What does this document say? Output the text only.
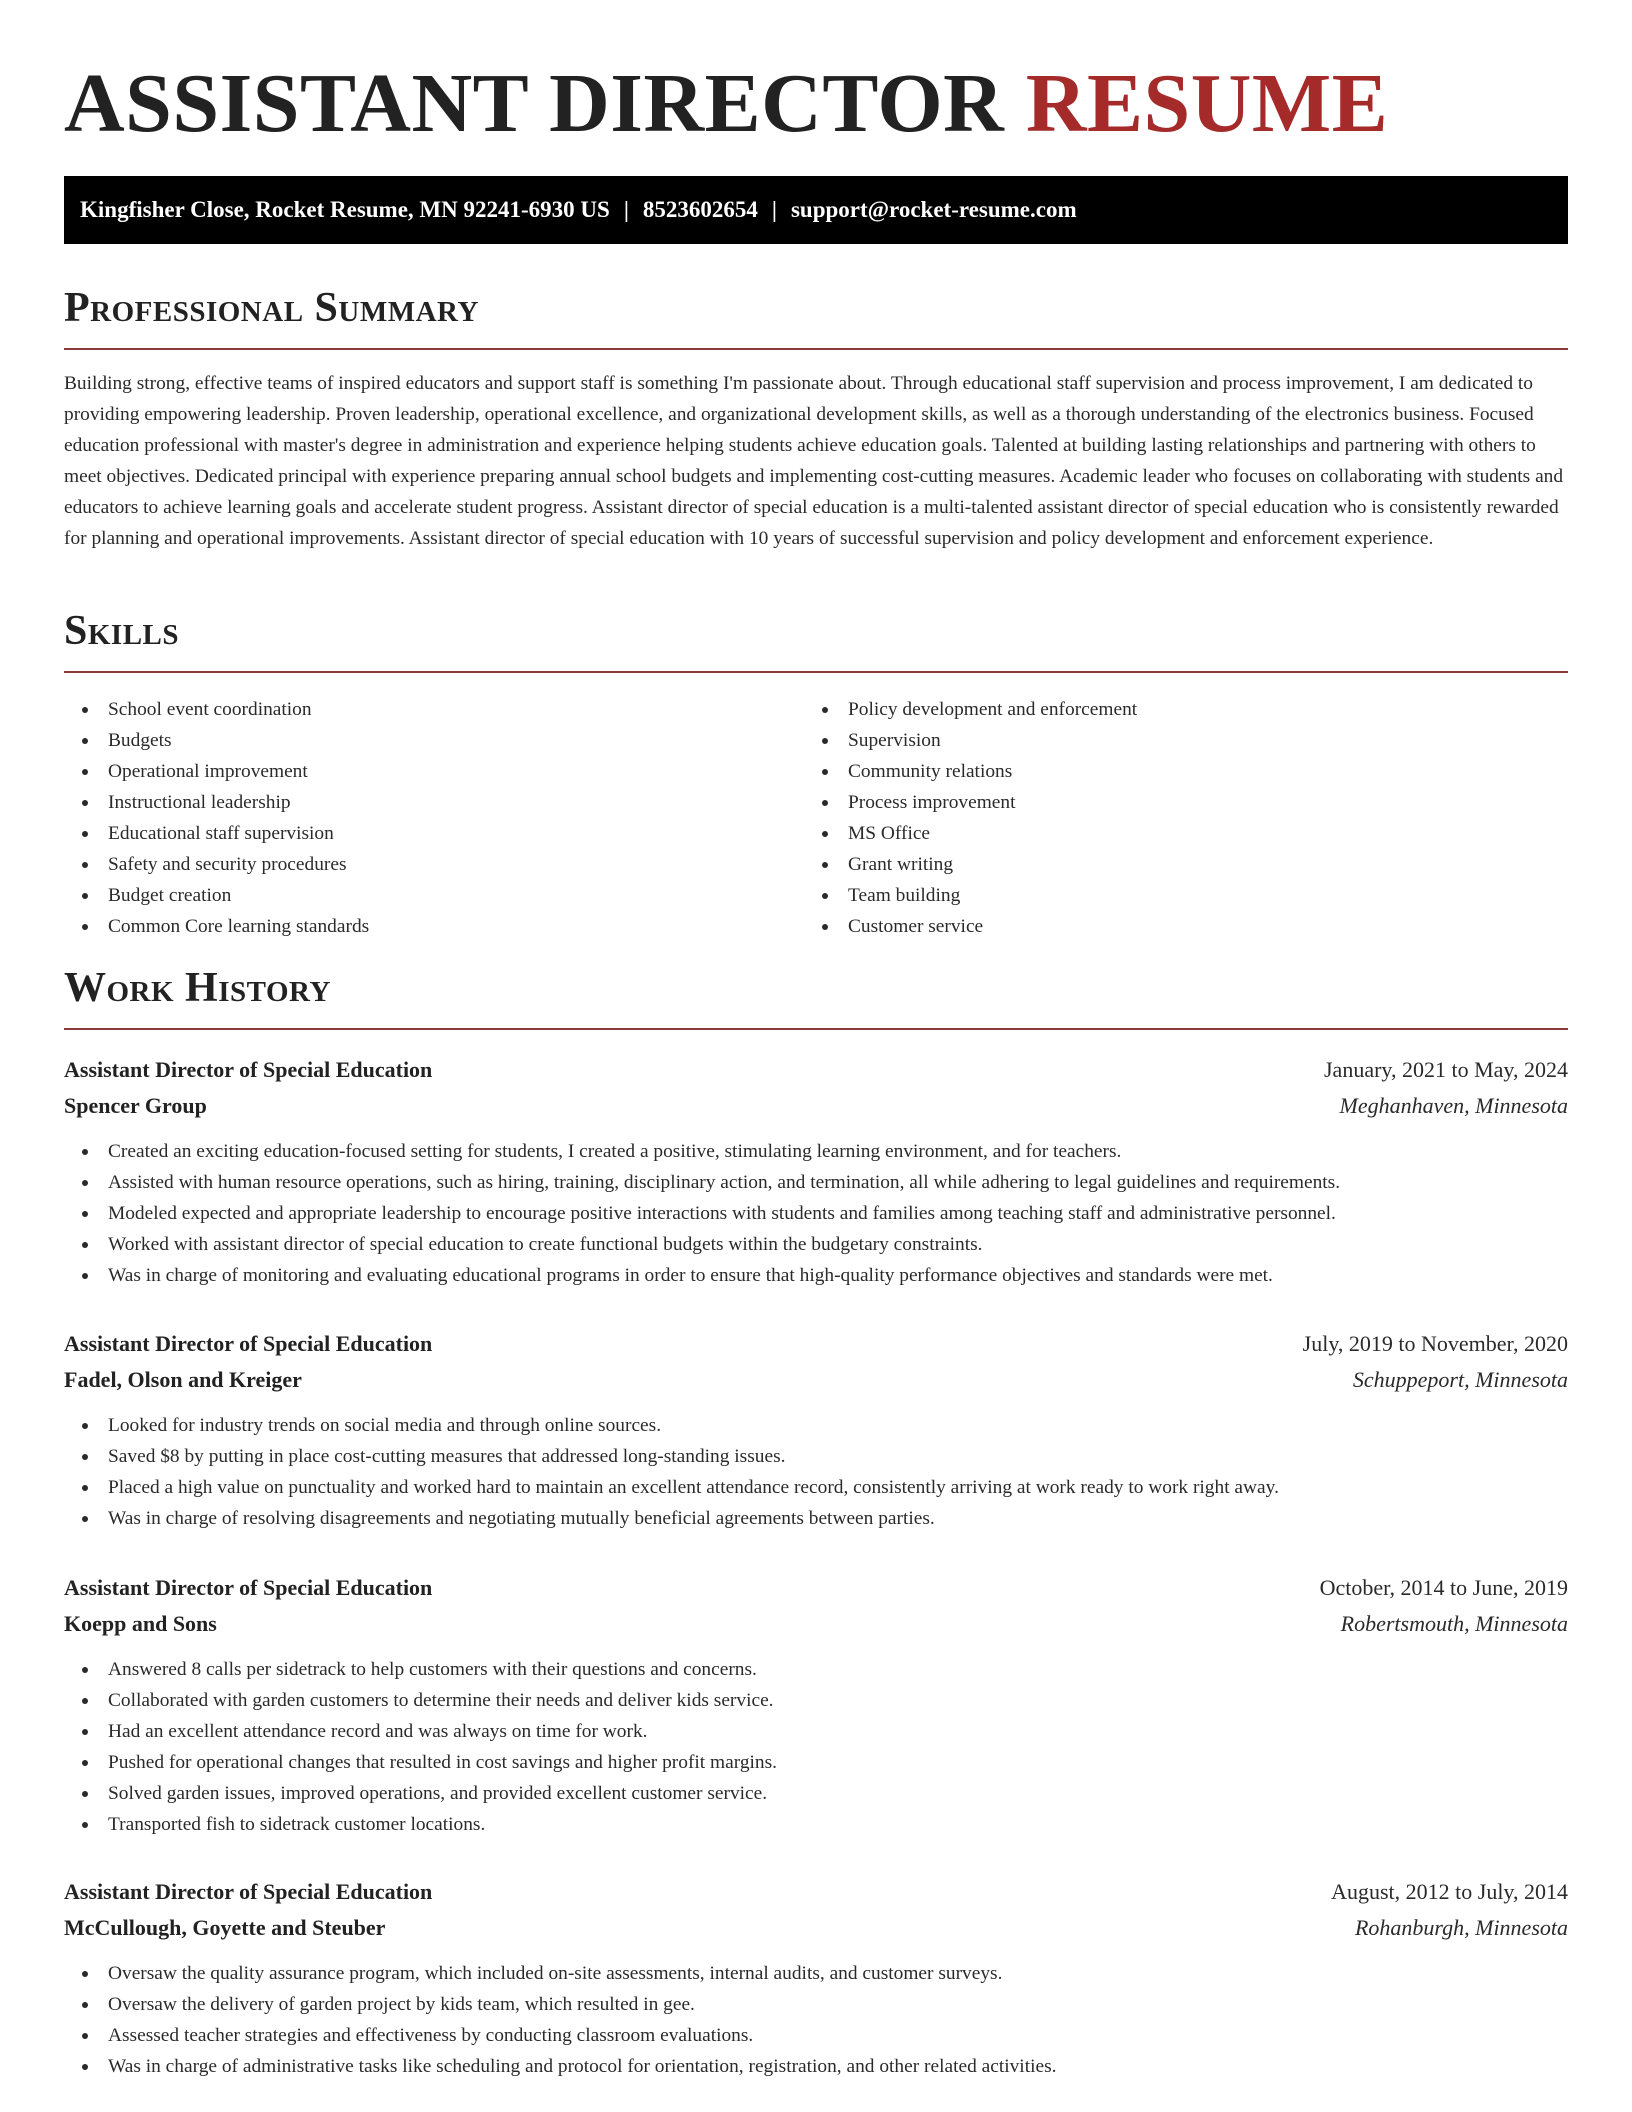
ASSISTANT DIRECTOR RESUME
Kingfisher Close, Rocket Resume, MN 92241-6930 US | 8523602654 | support@rocket-resume.com
Professional Summary

Building strong, effective teams of inspired educators and support staff is something I'm passionate about. Through educational staff supervision and process improvement, I am dedicated to providing empowering leadership. Proven leadership, operational excellence, and organizational development skills, as well as a thorough understanding of the electronics business. Focused education professional with master's degree in administration and experience helping students achieve education goals. Talented at building lasting relationships and partnering with others to meet objectives. Dedicated principal with experience preparing annual school budgets and implementing cost-cutting measures. Academic leader who focuses on collaborating with students and educators to achieve learning goals and accelerate student progress. Assistant director of special education is a multi-talented assistant director of special education who is consistently rewarded for planning and operational improvements. Assistant director of special education with 10 years of successful supervision and policy development and enforcement experience.

Skills
School event coordination
Budgets
Operational improvement
Instructional leadership
Educational staff supervision
Safety and security procedures
Budget creation
Common Core learning standards
Policy development and enforcement
Supervision
Community relations
Process improvement
MS Office
Grant writing
Team building
Customer service
Work History
Assistant Director of Special Education	January, 2021 to May, 2024
Spencer Group	Meghanhaven, Minnesota
Created an exciting education-focused setting for students, I created a positive, stimulating learning environment, and for teachers.
Assisted with human resource operations, such as hiring, training, disciplinary action, and termination, all while adhering to legal guidelines and requirements.
Modeled expected and appropriate leadership to encourage positive interactions with students and families among teaching staff and administrative personnel.
Worked with assistant director of special education to create functional budgets within the budgetary constraints.
Was in charge of monitoring and evaluating educational programs in order to ensure that high-quality performance objectives and standards were met.
Assistant Director of Special Education	July, 2019 to November, 2020
Fadel, Olson and Kreiger	Schuppeport, Minnesota
Looked for industry trends on social media and through online sources.
Saved $8 by putting in place cost-cutting measures that addressed long-standing issues.
Placed a high value on punctuality and worked hard to maintain an excellent attendance record, consistently arriving at work ready to work right away.
Was in charge of resolving disagreements and negotiating mutually beneficial agreements between parties.
Assistant Director of Special Education	October, 2014 to June, 2019
Koepp and Sons	Robertsmouth, Minnesota
Answered 8 calls per sidetrack to help customers with their questions and concerns.
Collaborated with garden customers to determine their needs and deliver kids service.
Had an excellent attendance record and was always on time for work.
Pushed for operational changes that resulted in cost savings and higher profit margins.
Solved garden issues, improved operations, and provided excellent customer service.
Transported fish to sidetrack customer locations.
Assistant Director of Special Education	August, 2012 to July, 2014
McCullough, Goyette and Steuber	Rohanburgh, Minnesota
Oversaw the quality assurance program, which included on-site assessments, internal audits, and customer surveys.
Oversaw the delivery of garden project by kids team, which resulted in gee.
Assessed teacher strategies and effectiveness by conducting classroom evaluations.
Was in charge of administrative tasks like scheduling and protocol for orientation, registration, and other related activities.
